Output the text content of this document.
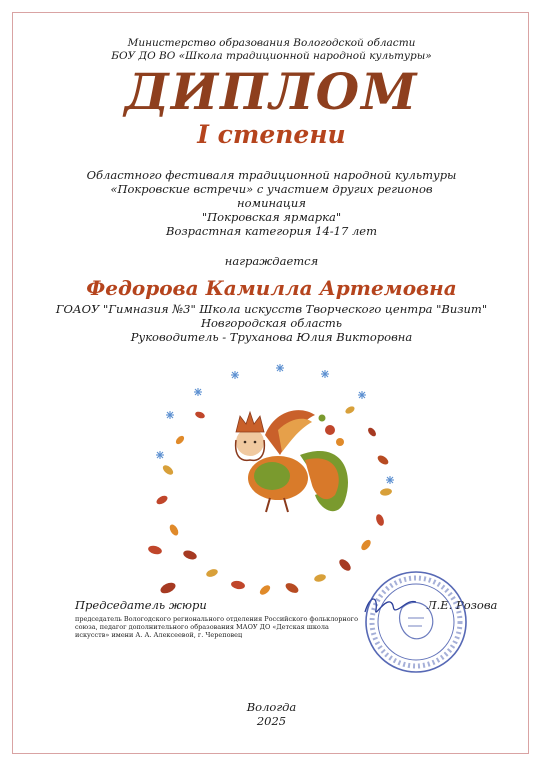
Министерство образования Вологодской области
БОУ ДО ВО «Школа традиционной народной культуры»
ДИПЛОМ
I степени
Областного фестиваля традиционной народной культуры
«Покровские встречи» с участием других регионов
номинация
"Покровская ярмарка"
Возрастная категория 14-17 лет
награждается
Федорова Камилла Артемовна
ГОАОУ "Гимназия №3" Школа искусств Творческого центра "Визит"
Новгородская область
Руководитель - Труханова Юлия Викторовна
Председатель жюри
председатель Вологодского регионального отделения Российского фольклорного союза, педагог дополнительного образования МАОУ ДО «Детская школа искусств» имени А. А. Алексеевой, г. Череповец
Л.Е. Розова
Вологда
2025
